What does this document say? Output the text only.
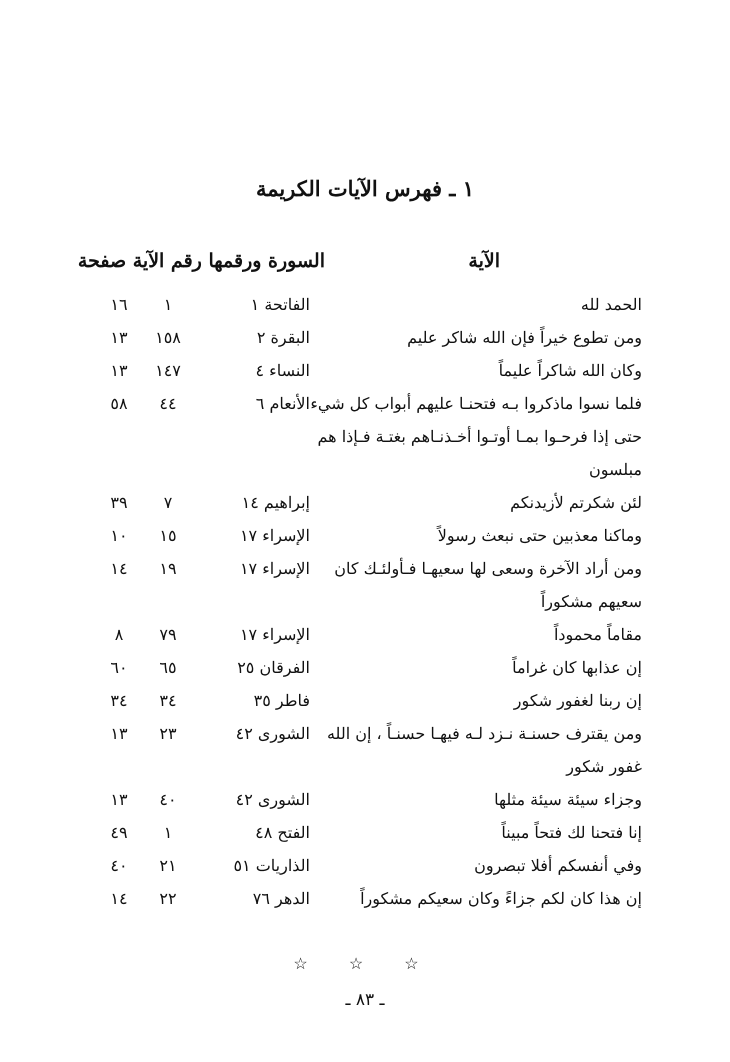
١ ـ فهرس الآيات الكريمة
الآية
السورة ورقمها رقم الآية صفحة
الحمد لله
الفاتحة ١
١
١٦
ومن تطوع خيراً فإن الله شاكر عليم
البقرة ٢
١٥٨
١٣
وكان الله شاكراً عليماً
النساء ٤
١٤٧
١٣
فلما نسوا ماذكروا بـه فتحنـا عليهم أبواب كل شيء
الأنعام ٦
٤٤
٥٨
حتى إذا فرحـوا بمـا أوتـوا أخـذنـاهم بغتـة فـإذا هم
مبلسون
لئن شكرتم لأزيدنكم
إبراهيم ١٤
٧
٣٩
وماكنا معذبين حتى نبعث رسولاً
الإسراء ١٧
١٥
١٠
ومن أراد الآخرة وسعى لها سعيهـا فـأولئـك كان
الإسراء ١٧
١٩
١٤
سعيهم مشكوراً
مقاماً محموداً
الإسراء ١٧
٧٩
٨
إن عذابها كان غراماً
الفرقان ٢٥
٦٥
٦٠
إن ربنا لغفور شكور
فاطر ٣٥
٣٤
٣٤
ومن يقترف حسنـة نـزد لـه فيهـا حسنـاً ، إن الله
الشورى ٤٢
٢٣
١٣
غفور شكور
وجزاء سيئة سيئة مثلها
الشورى ٤٢
٤٠
١٣
إنا فتحنا لك فتحاً مبيناً
الفتح ٤٨
١
٤٩
وفي أنفسكم أفلا تبصرون
الذاريات ٥١
٢١
٤٠
إن هذا كان لكم جزاءً وكان سعيكم مشكوراً
الدهر ٧٦
٢٢
١٤
☆ ☆ ☆
ـ ٨٣ ـ
